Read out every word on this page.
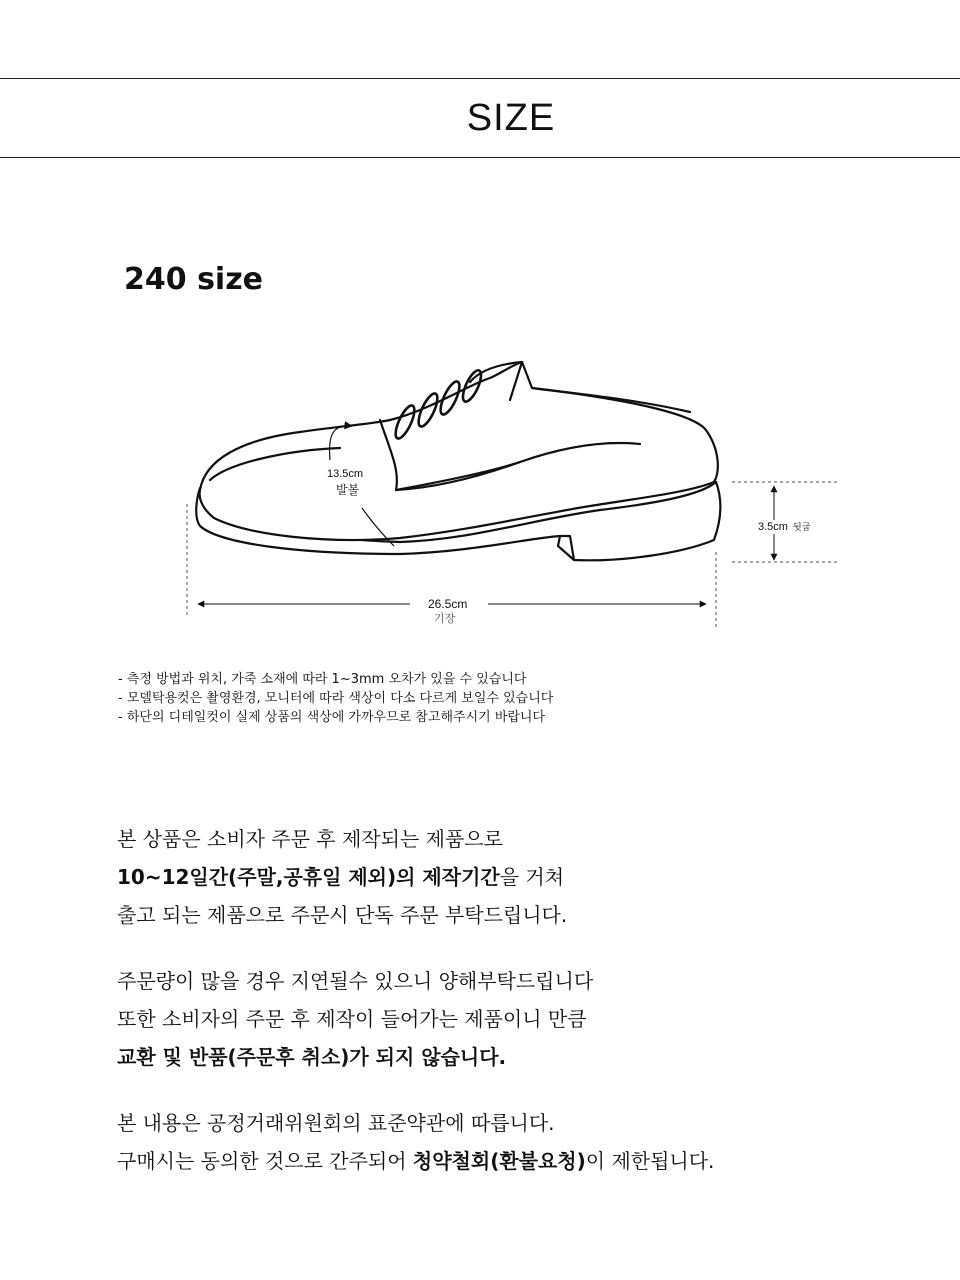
SIZE
240 size
13.5cm
발볼
3.5cm 뒷굽
26.5cm
기장
- 측정 방법과 위치, 가죽 소재에 따라 1~3mm 오차가 있을 수 있습니다
- 모델탁용컷은 촬영환경, 모니터에 따라 색상이 다소 다르게 보일수 있습니다
- 하단의 디테일컷이 실제 상품의 색상에 가까우므로 참고해주시기 바랍니다

본 상품은 소비자 주문 후 제작되는 제품으로

10~12일간(주말,공휴일 제외)의 제작기간을 거쳐

출고 되는 제품으로 주문시 단독 주문 부탁드립니다.

주문량이 많을 경우 지연될수 있으니 양해부탁드립니다

또한 소비자의 주문 후 제작이 들어가는 제품이니 만큼

교환 및 반품(주문후 취소)가 되지 않습니다.

본 내용은 공정거래위원회의 표준약관에 따릅니다.

구매시는 동의한 것으로 간주되어 청약철회(환불요청)이 제한됩니다.
